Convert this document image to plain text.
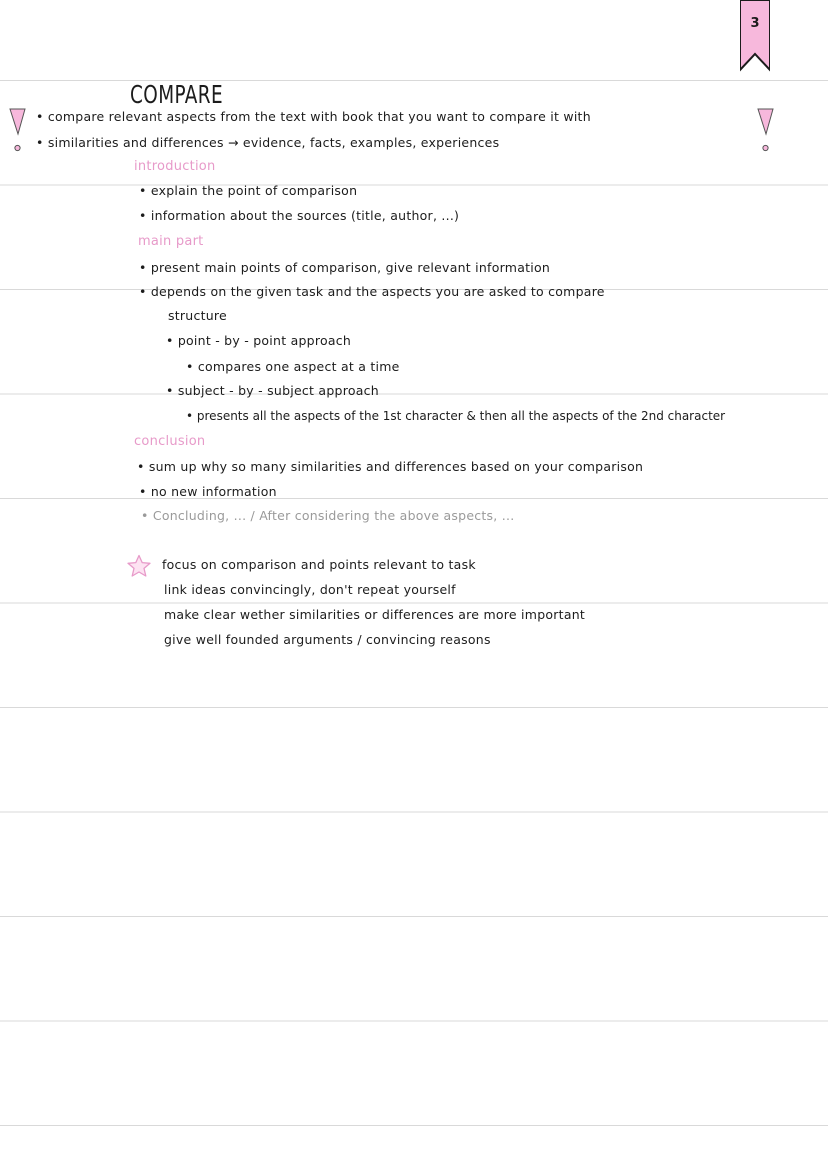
3
COMPARE
• compare relevant aspects from the text with book that you want to compare it with
• similarities and differences → evidence, facts, examples, experiences
introduction
• explain the point of comparison
• information about the sources (title, author, ...)
main part
• present main points of comparison, give relevant information
• depends on the given task and the aspects you are asked to compare
structure
• point - by - point approach
• compares one aspect at a time
• subject - by - subject approach
• presents all the aspects of the 1st character & then all the aspects of the 2nd character
conclusion
• sum up why so many similarities and differences based on your comparison
• no new information
• Concluding, ... / After considering the above aspects, ...
focus on comparison and points relevant to task
link ideas convincingly, don't repeat yourself
make clear wether similarities or differences are more important
give well founded arguments / convincing reasons
